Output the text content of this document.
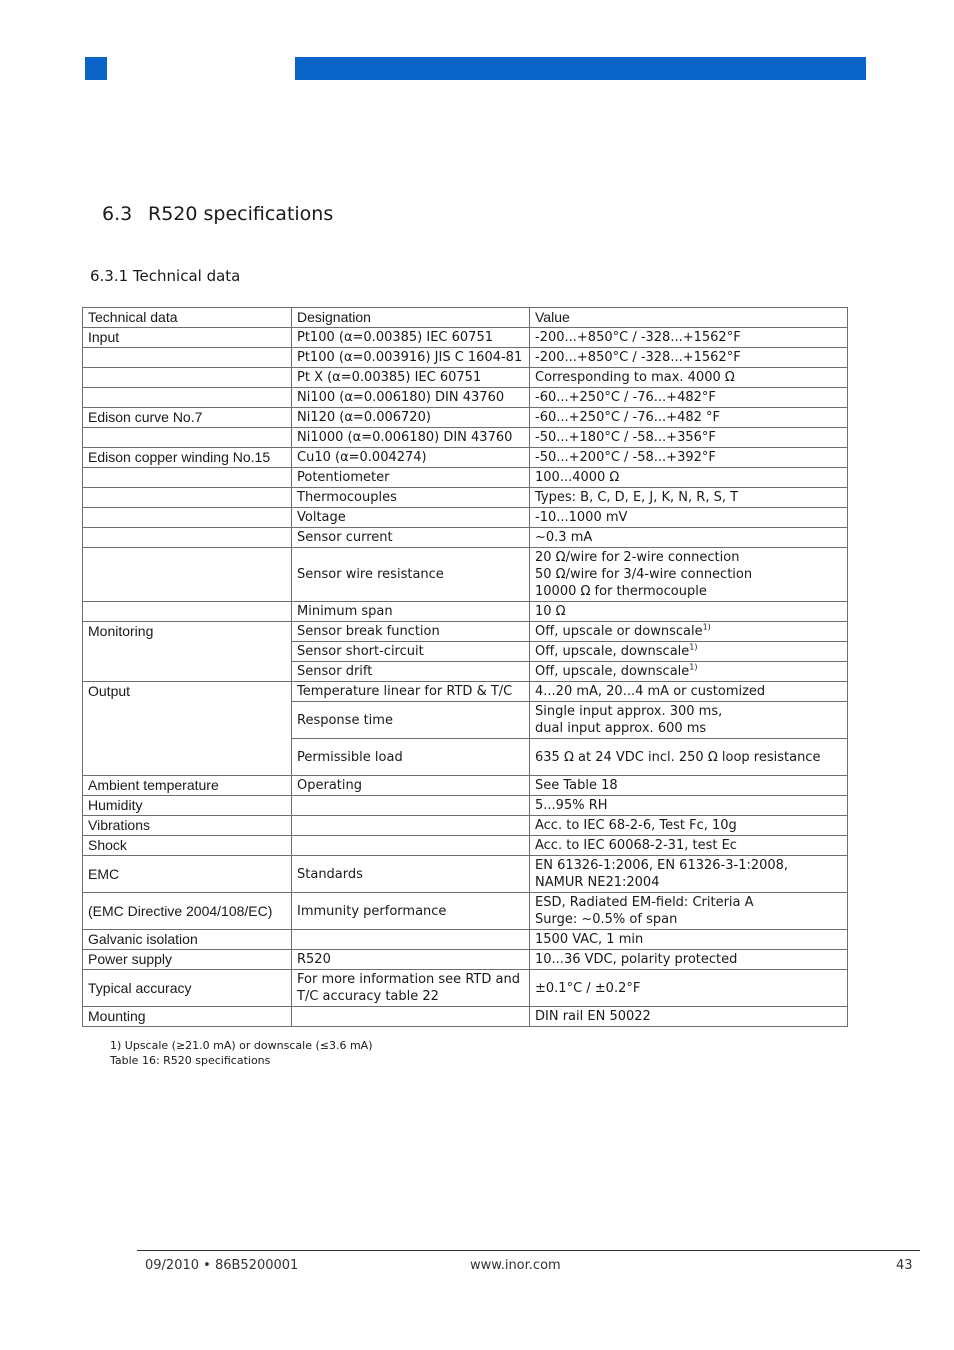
6.3 R520 specifications
6.3.1 Technical data
Technical data	Designation	Value
Input	Pt100 (α=0.00385) IEC 60751	-200...+850°C / -328...+1562°F

	Pt100 (α=0.003916) JIS C 1604-81	-200...+850°C / -328...+1562°F

	Pt X (α=0.00385) IEC 60751	Corresponding to max. 4000 Ω

	Ni100 (α=0.006180) DIN 43760	-60...+250°C / -76...+482°F

Edison curve No.7	Ni120 (α=0.006720)	-60...+250°C / -76...+482 °F

	Ni1000 (α=0.006180) DIN 43760	-50...+180°C / -58...+356°F

Edison copper winding No.15	Cu10 (α=0.004274)	-50...+200°C / -58...+392°F

	Potentiometer	100...4000 Ω

	Thermocouples	Types: B, C, D, E, J, K, N, R, S, T

	Voltage	-10...1000 mV

	Sensor current	~0.3 mA

	Sensor wire resistance	20 Ω/wire for 2-wire connection
50 Ω/wire for 3/4-wire connection
10000 Ω for thermocouple

	Minimum span	10 Ω

Monitoring	Sensor break function	Off, upscale or downscale$^{1)}$
	Sensor short-circuit	Off, upscale, downscale$^{1)}$
	Sensor drift	Off, upscale, downscale$^{1)}$
Output	Temperature linear for RTD & T/C	4...20 mA, 20...4 mA or customized

	Response time	Single input approx. 300 ms,
dual input approx. 600 ms

	Permissible load	635 Ω at 24 VDC incl. 250 Ω loop resistance

Ambient temperature	Operating	See Table 18

Humidity		5...95% RH

Vibrations		Acc. to IEC 68-2-6, Test Fc, 10g

Shock		Acc. to IEC 60068-2-31, test Ec

EMC	Standards	EN 61326-1:2006, EN 61326-3-1:2008,
NAMUR NE21:2004

(EMC Directive 2004/108/EC)	Immunity performance	ESD, Radiated EM-field: Criteria A
Surge: ~0.5% of span

Galvanic isolation		1500 VAC, 1 min

Power supply	R520	10...36 VDC, polarity protected

Typical accuracy	For more information see RTD and
T/C accuracy table 22	±0.1°C / ±0.2°F

Mounting		DIN rail EN 50022
1) Upscale (≥21.0 mA) or downscale (≤3.6 mA)
Table 16: R520 specifications
09/2010 • 86B5200001	www.inor.com	43
